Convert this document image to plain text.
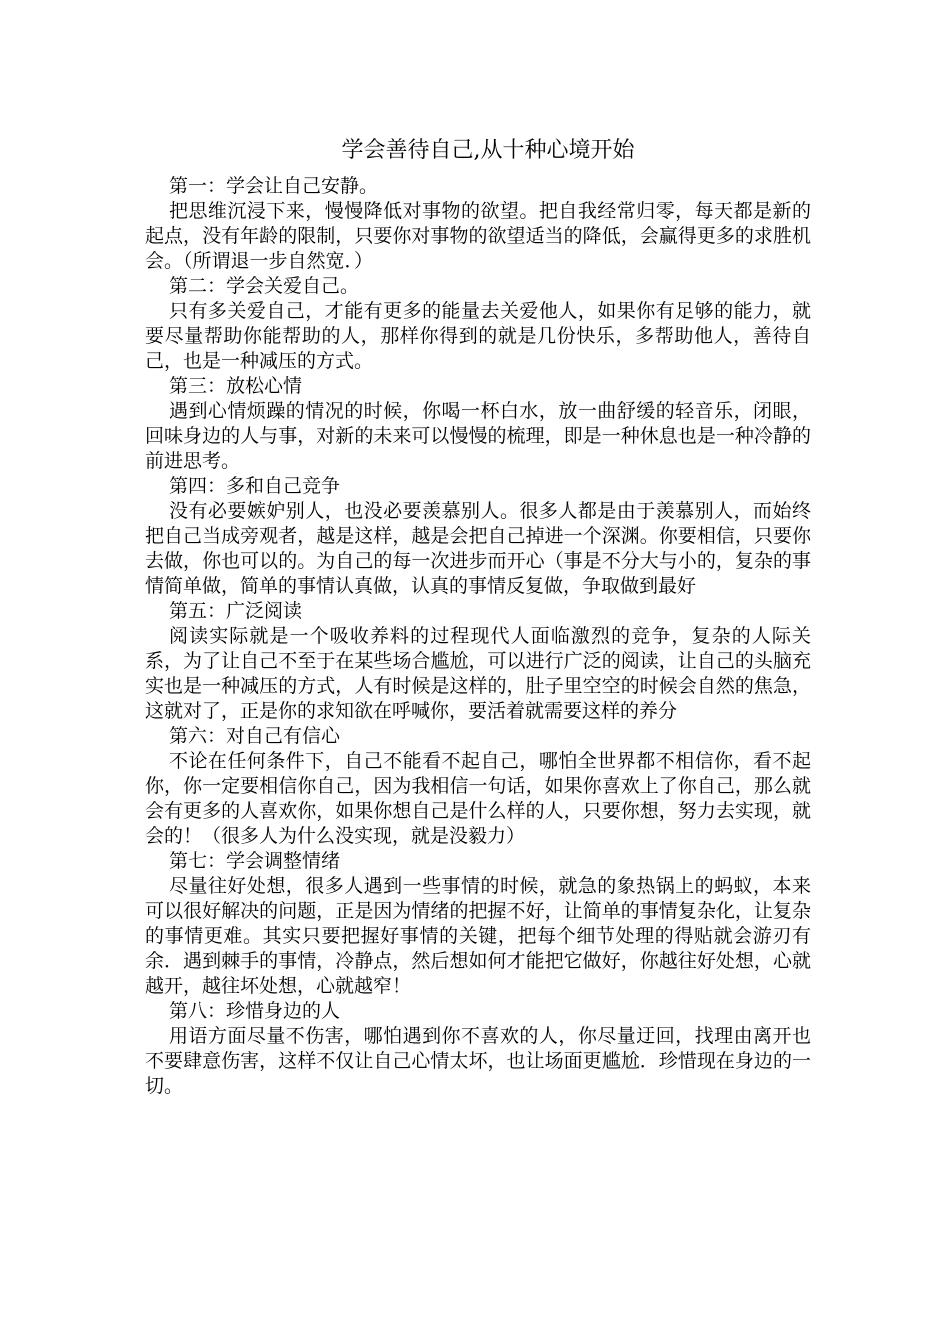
学会善待自己,从十种心境开始

第一：学会让自己安静。

把思维沉浸下来，慢慢降低对事物的欲望。把自我经常归零，每天都是新的起点，没有年龄的限制，只要你对事物的欲望适当的降低，会赢得更多的求胜机会。（所谓退一步自然宽．）

第二：学会关爱自己。

只有多关爱自己，才能有更多的能量去关爱他人，如果你有足够的能力，就要尽量帮助你能帮助的人，那样你得到的就是几份快乐，多帮助他人，善待自己，也是一种减压的方式。

第三：放松心情

遇到心情烦躁的情况的时候，你喝一杯白水，放一曲舒缓的轻音乐，闭眼，回味身边的人与事，对新的未来可以慢慢的梳理，即是一种休息也是一种冷静的前进思考。

第四：多和自己竞争

没有必要嫉妒别人，也没必要羡慕别人。很多人都是由于羡慕别人，而始终把自己当成旁观者，越是这样，越是会把自己掉进一个深渊。你要相信，只要你去做，你也可以的。为自己的每一次进步而开心（事是不分大与小的，复杂的事情简单做，简单的事情认真做，认真的事情反复做，争取做到最好

第五：广泛阅读

阅读实际就是一个吸收养料的过程现代人面临激烈的竞争，复杂的人际关系，为了让自己不至于在某些场合尴尬，可以进行广泛的阅读，让自己的头脑充实也是一种减压的方式，人有时候是这样的，肚子里空空的时候会自然的焦急，这就对了，正是你的求知欲在呼喊你，要活着就需要这样的养分

第六：对自己有信心

不论在任何条件下，自己不能看不起自己，哪怕全世界都不相信你，看不起你，你一定要相信你自己，因为我相信一句话，如果你喜欢上了你自己，那么就会有更多的人喜欢你，如果你想自己是什么样的人，只要你想，努力去实现，就会的！（很多人为什么没实现，就是没毅力）

第七：学会调整情绪

尽量往好处想，很多人遇到一些事情的时候，就急的象热锅上的蚂蚁，本来可以很好解决的问题，正是因为情绪的把握不好，让简单的事情复杂化，让复杂的事情更难。其实只要把握好事情的关键，把每个细节处理的得贴就会游刃有余．遇到棘手的事情，冷静点，然后想如何才能把它做好，你越往好处想，心就越开，越往坏处想，心就越窄！

第八：珍惜身边的人

用语方面尽量不伤害，哪怕遇到你不喜欢的人，你尽量迂回，找理由离开也不要肆意伤害，这样不仅让自己心情太坏，也让场面更尴尬．珍惜现在身边的一切。
